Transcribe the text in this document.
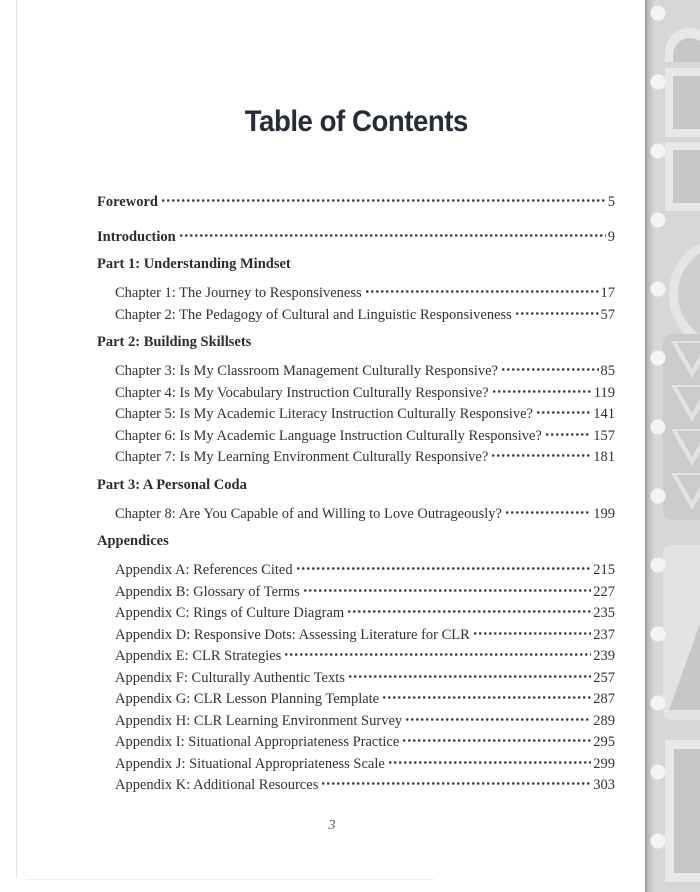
Table of Contents
Foreword	5
Introduction	9
Part 1: Understanding Mindset
Chapter 1: The Journey to Responsiveness	17
Chapter 2: The Pedagogy of Cultural and Linguistic Responsiveness	57
Part 2: Building Skillsets
Chapter 3: Is My Classroom Management Culturally Responsive?	85
Chapter 4: Is My Vocabulary Instruction Culturally Responsive?	119
Chapter 5: Is My Academic Literacy Instruction Culturally Responsive?	141
Chapter 6: Is My Academic Language Instruction Culturally Responsive?	157
Chapter 7: Is My Learning Environment Culturally Responsive?	181
Part 3: A Personal Coda
Chapter 8: Are You Capable of and Willing to Love Outrageously?	199
Appendices
Appendix A: References Cited	215
Appendix B: Glossary of Terms	227
Appendix C: Rings of Culture Diagram	235
Appendix D: Responsive Dots: Assessing Literature for CLR	237
Appendix E: CLR Strategies	239
Appendix F: Culturally Authentic Texts	257
Appendix G: CLR Lesson Planning Template	287
Appendix H: CLR Learning Environment Survey	289
Appendix I: Situational Appropriateness Practice	295
Appendix J: Situational Appropriateness Scale	299
Appendix K: Additional Resources	303
3
